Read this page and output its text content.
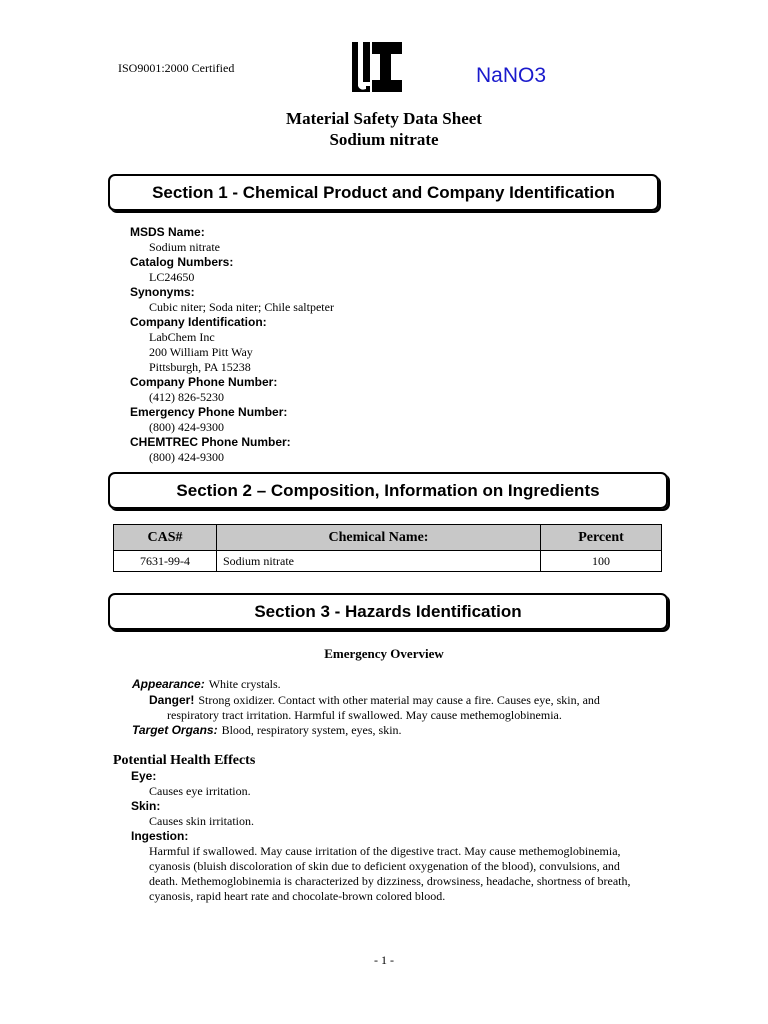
ISO9001:2000 Certified	NaNO3
Material Safety Data Sheet
Sodium nitrate
Section 1 - Chemical Product and Company Identification
MSDS Name:
Sodium nitrate
Catalog Numbers:
LC24650
Synonyms:
Cubic niter; Soda niter; Chile saltpeter
Company Identification:
LabChem Inc
200 William Pitt Way
Pittsburgh, PA 15238
Company Phone Number:
(412) 826-5230
Emergency Phone Number:
(800) 424-9300
CHEMTREC Phone Number:
(800) 424-9300
Section 2 – Composition, Information on Ingredients
CAS#	Chemical Name:	Percent
7631-99-4	Sodium nitrate	100
Section 3 - Hazards Identification
Emergency Overview
Appearance: White crystals.
Danger! Strong oxidizer. Contact with other material may cause a fire. Causes eye, skin, and
respiratory tract irritation. Harmful if swallowed. May cause methemoglobinemia.
Target Organs: Blood, respiratory system, eyes, skin.
Potential Health Effects
Eye:
Causes eye irritation.
Skin:
Causes skin irritation.
Ingestion:
Harmful if swallowed. May cause irritation of the digestive tract. May cause methemoglobinemia,
cyanosis (bluish discoloration of skin due to deficient oxygenation of the blood), convulsions, and
death. Methemoglobinemia is characterized by dizziness, drowsiness, headache, shortness of breath,
cyanosis, rapid heart rate and chocolate-brown colored blood.
- 1 -
